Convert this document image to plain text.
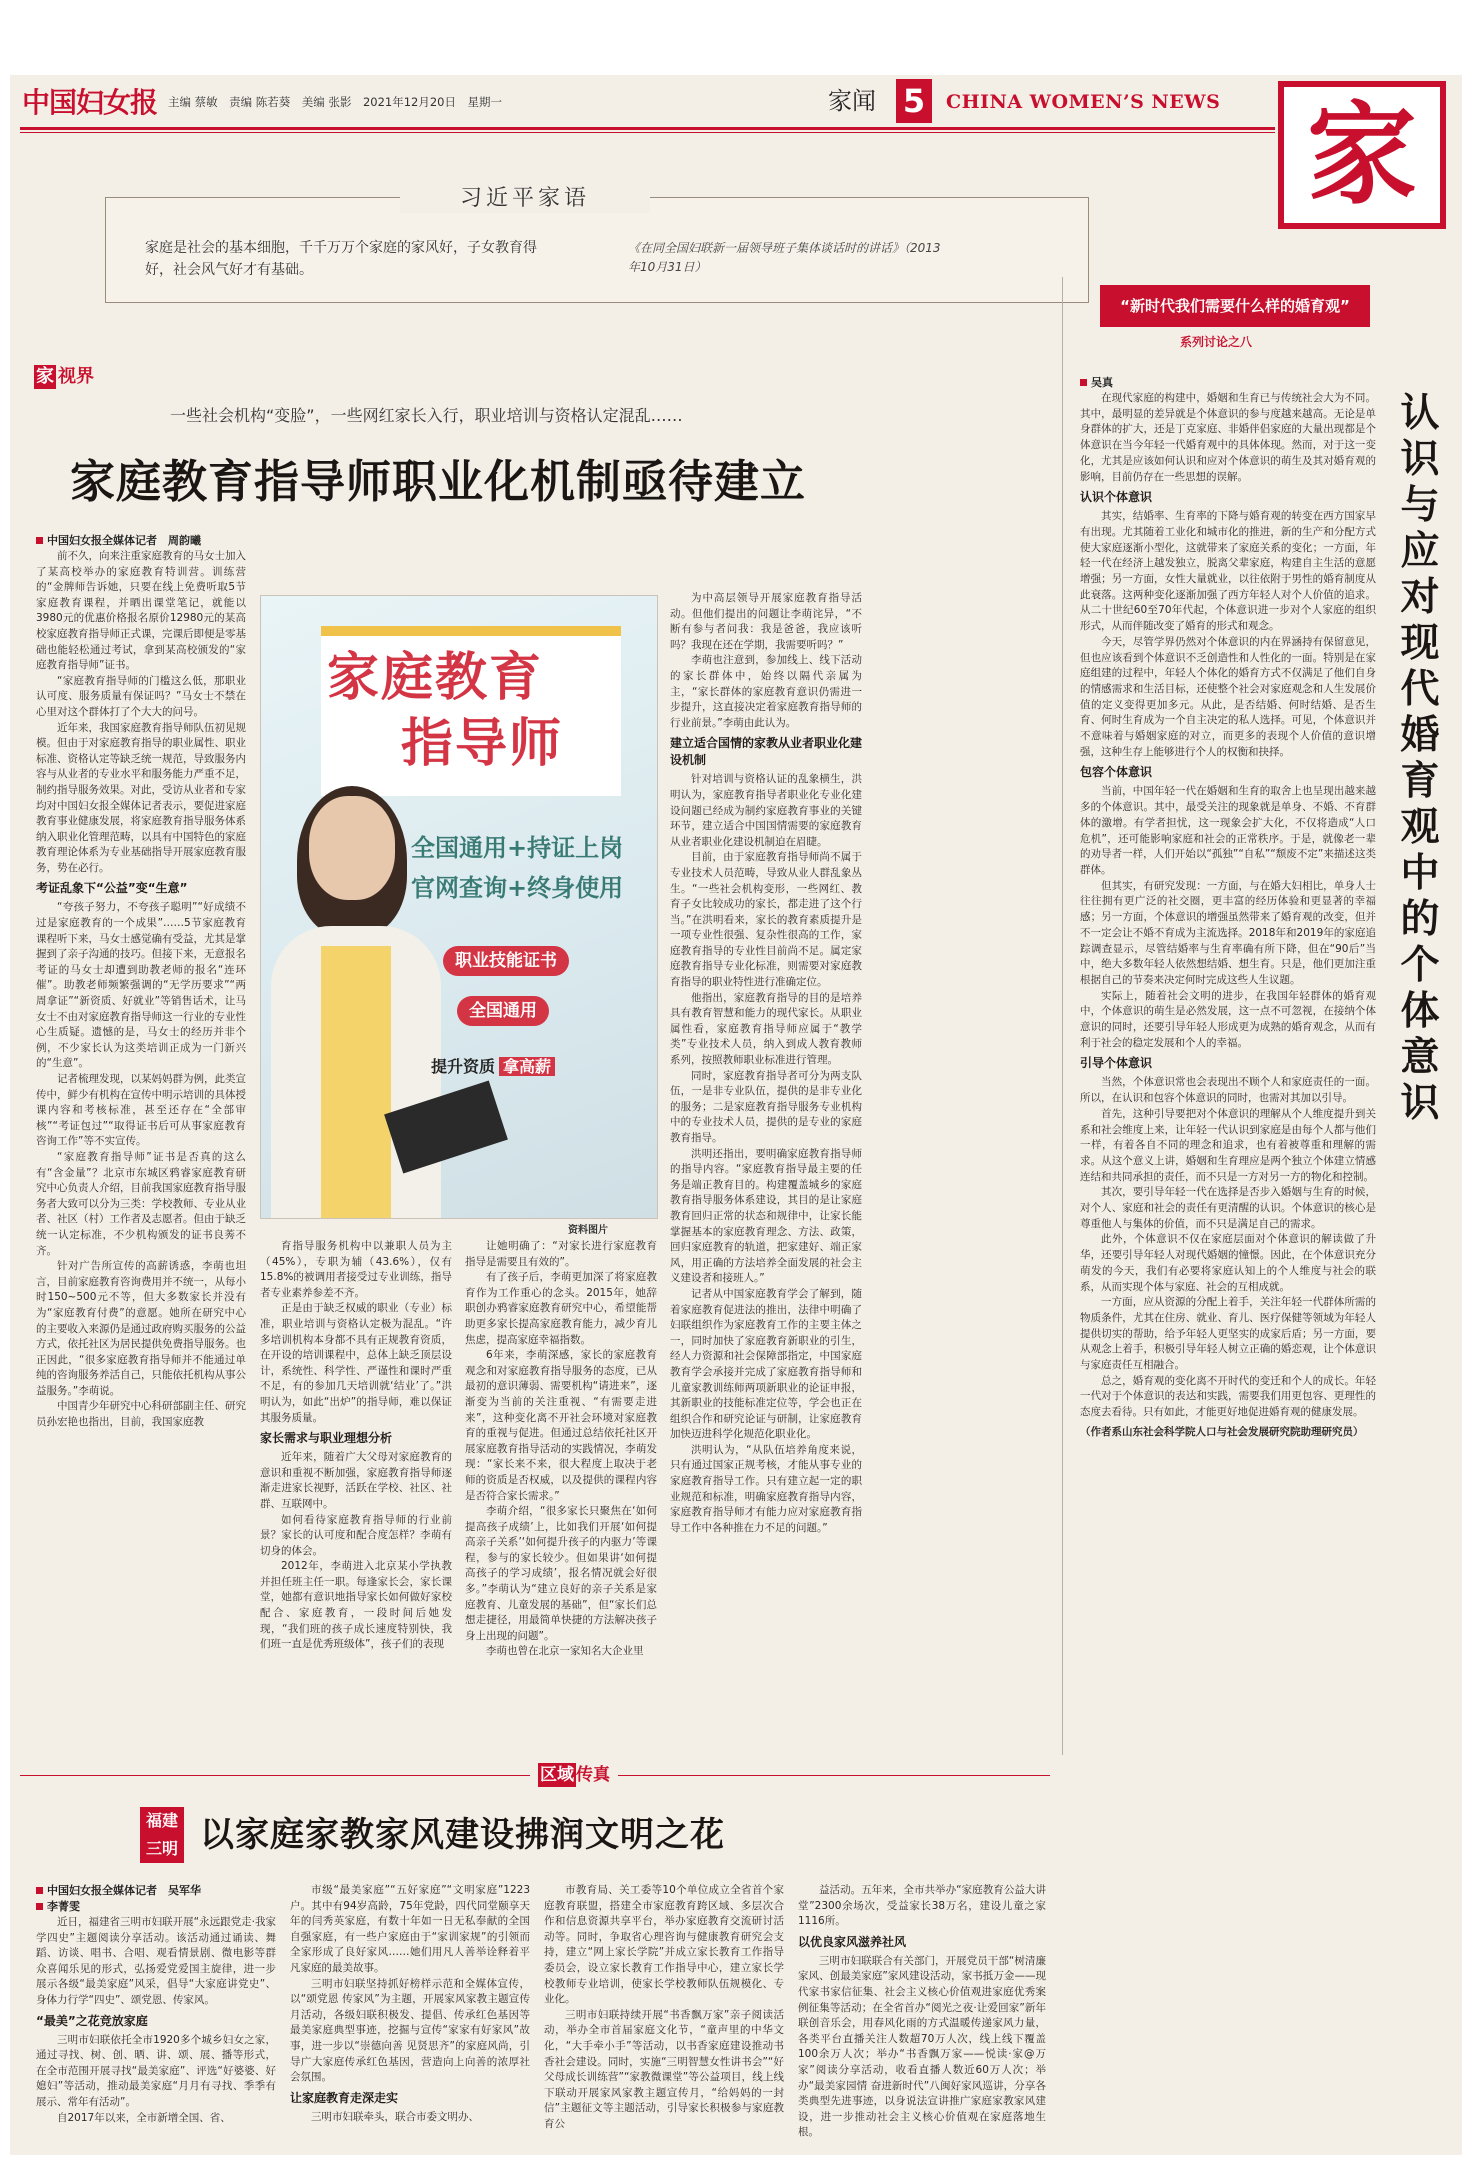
中国妇女报 主编 蔡敏　责编 陈若葵　美编 张影　2021年12月20日　星期一	家闻 5	CHINA WOMEN’S NEWS 家
习近平家语
家庭是社会的基本细胞，千千万万个家庭的家风好，子女教育得好，社会风气好才有基础。
《在同全国妇联新一届领导班子集体谈话时的讲话》（2013年10月31日）
家 视界
一些社会机构“变脸”，一些网红家长入行，职业培训与资格认定混乱……
家庭教育指导师职业化机制亟待建立
中国妇女报全媒体记者　周韵曦

前不久，向来注重家庭教育的马女士加入了某高校举办的家庭教育特训营。训练营的“金牌师告诉她，只要在线上免费听取5节家庭教育课程，并晒出课堂笔记，就能以3980元的优惠价格报名原价12980元的某高校家庭教育指导师正式课，完课后即便是零基础也能轻松通过考试，拿到某高校颁发的“家庭教育指导师”证书。

“家庭教育指导师的门槛这么低，那职业认可度、服务质量有保证吗？”马女士不禁在心里对这个群体打了个大大的问号。

近年来，我国家庭教育指导师队伍初见规模。但由于对家庭教育指导的职业属性、职业标准、资格认定等缺乏统一规范，导致服务内容与从业者的专业水平和服务能力严重不足，制约指导服务效果。对此，受访从业者和专家均对中国妇女报全媒体记者表示，要促进家庭教育事业健康发展，将家庭教育指导服务体系纳入职业化管理范畴，以具有中国特色的家庭教育理论体系为专业基础指导开展家庭教育服务，势在必行。

考证乱象下“公益”变“生意”

“夸孩子努力，不夸孩子聪明”“好成绩不过是家庭教育的一个成果”……5节家庭教育课程听下来，马女士感觉确有受益，尤其是掌握到了亲子沟通的技巧。但接下来，无意报名考证的马女士却遭到助教老师的报名“连环催”。助教老师频繁强调的“无学历要求”“两周拿证”“新资质、好就业”等销售话术，让马女士不由对家庭教育指导师这一行业的专业性心生质疑。遗憾的是，马女士的经历并非个例，不少家长认为这类培训正成为一门新兴的“生意”。

记者梳理发现，以某妈妈群为例，此类宣传中，鲜少有机构在宣传中明示培训的具体授课内容和考核标准，甚至还存在“全部审核”“考证包过”“取得证书后可从事家庭教育咨询工作”等不实宣传。

“家庭教育指导师”证书是否真的这么有“含金量”？北京市东城区鸦睿家庭教育研究中心负责人介绍，目前我国家庭教育指导服务者大致可以分为三类：学校教师、专业从业者、社区（村）工作者及志愿者。但由于缺乏统一认定标准，不少机构颁发的证书良莠不齐。

针对广告所宣传的高薪诱惑，李萌也坦言，目前家庭教育咨询费用并不统一，从每小时150~500元不等，但大多数家长并没有为“家庭教育付费”的意愿。她所在研究中心的主要收入来源仍是通过政府购买服务的公益方式，依托社区为居民提供免费指导服务。也正因此，“很多家庭教育指导师并不能通过单纯的咨询服务养活自己，只能依托机构从事公益服务。”李萌说。

中国青少年研究中心科研部副主任、研究员孙宏艳也指出，目前，我国家庭教

家庭教育
指导师
全国通用+持证上岗
官网查询+终身使用
职业技能证书
全国通用
提升资质 拿高薪
资料图片

育指导服务机构中以兼职人员为主（45%），专职为辅（43.6%），仅有15.8%的被调用者接受过专业训练，指导者专业素养参差不齐。

正是由于缺乏权威的职业（专业）标准，职业培训与资格认定极为混乱。“许多培训机构本身都不具有正规教育资质，在开设的培训课程中，总体上缺乏顶层设计，系统性、科学性、严谨性和课时严重不足，有的参加几天培训就‘结业’了。”洪明认为，如此“出炉”的指导师，难以保证其服务质量。

家长需求与职业理想分析

近年来，随着广大父母对家庭教育的意识和重视不断加强，家庭教育指导师逐渐走进家长视野，活跃在学校、社区、社群、互联网中。

如何看待家庭教育指导师的行业前景？家长的认可度和配合度怎样？李萌有切身的体会。

2012年，李萌进入北京某小学执教并担任班主任一职。每逢家长会，家长课堂，她都有意识地指导家长如何做好家校配合、家庭教育，一段时间后她发现，“我们班的孩子成长速度特别快，我们班一直是优秀班级体”，孩子们的表现

让她明确了：“对家长进行家庭教育指导是需要且有效的”。

有了孩子后，李萌更加深了将家庭教育作为工作重心的念头。2015年，她辞职创办鸦睿家庭教育研究中心，希望能帮助更多家长提高家庭教育能力，减少育儿焦虑，提高家庭幸福指数。

6年来，李萌深感，家长的家庭教育观念和对家庭教育指导服务的态度，已从最初的意识薄弱、需要机构“请进来”，逐渐变为当前的关注重视、“有需要走进来”，这种变化离不开社会环境对家庭教育的重视与促进。但通过总结依托社区开展家庭教育指导活动的实践情况，李萌发现：“家长来不来，很大程度上取决于老师的资质是否权威，以及提供的课程内容是否符合家长需求。”

李萌介绍，“很多家长只聚焦在‘如何提高孩子成绩’上，比如我们开展‘如何提高亲子关系’‘如何提升孩子的内驱力’等课程，参与的家长较少。但如果讲‘如何提高孩子的学习成绩’，报名情况就会好很多。”李萌认为“建立良好的亲子关系是家庭教育、儿童发展的基础”，但“家长们总想走捷径，用最简单快捷的方法解决孩子身上出现的问题”。

李萌也曾在北京一家知名大企业里

为中高层领导开展家庭教育指导活动。但他们提出的问题让李萌诧异，“不断有参与者问我：我是爸爸，我应该听吗？我现在还在学期，我需要听吗？”

李萌也注意到，参加线上、线下活动的家长群体中，始终以隔代亲属为主，“家长群体的家庭教育意识仍需进一步提升，这直接决定着家庭教育指导师的行业前景。”李萌由此认为。

建立适合国情的家教从业者职业化建设机制

针对培训与资格认证的乱象横生，洪明认为，家庭教育指导者职业化专业化建设问题已经成为制约家庭教育事业的关键环节，建立适合中国国情需要的家庭教育从业者职业化建设机制迫在眉睫。

目前，由于家庭教育指导师尚不属于专业技术人员范畴，导致从业人群乱象丛生。“一些社会机构变形，一些网红、教育子女比较成功的家长，都走进了这个行当。”在洪明看来，家长的教育素质提升是一项专业性很强、复杂性很高的工作，家庭教育指导的专业性目前尚不足。属定家庭教育指导专业化标准，则需要对家庭教育指导的职业特性进行准确定位。

他指出，家庭教育指导的目的是培养具有教育智慧和能力的现代家长。从职业属性看，家庭教育指导师应属于“教学类”专业技术人员，纳入到成人教育教师系列，按照教师职业标准进行管理。

同时，家庭教育指导者可分为两支队伍，一是非专业队伍，提供的是非专业化的服务；二是家庭教育指导服务专业机构中的专业技术人员，提供的是专业的家庭教育指导。

洪明还指出，要明确家庭教育指导师的指导内容。“家庭教育指导最主要的任务是端正教育目的。构建覆盖城乡的家庭教育指导服务体系建设，其目的是让家庭教育回归正常的状态和规律中，让家长能掌握基本的家庭教育理念、方法、政策，回归家庭教育的轨道，把家建好、端正家风，用正确的方法培养全面发展的社会主义建设者和接班人。”

记者从中国家庭教育学会了解到，随着家庭教育促进法的推出，法律中明确了妇联组织作为家庭教育工作的主要主体之一，同时加快了家庭教育新职业的引生，经人力资源和社会保障部指定，中国家庭教育学会承接并完成了家庭教育指导师和儿童家教训练师两项新职业的论证申报，其新职业的技能标准定位等，学会也正在组织合作和研究论证与研制，让家庭教育加快迈进科学化规范化职业化。

洪明认为，“从队伍培养角度来说，只有通过国家正规考核，才能从事专业的家庭教育指导工作。只有建立起一定的职业规范和标准，明确家庭教育指导内容，家庭教育指导师才有能力应对家庭教育指导工作中各种推在力不足的问题。”

“新时代我们需要什么样的婚育观”
系列讨论之八
认识与应对现代婚育观中的个体意识
吴真

在现代家庭的构建中，婚姻和生育已与传统社会大为不同。其中，最明显的差异就是个体意识的参与度越来越高。无论是单身群体的扩大，还是丁克家庭、非婚伴侣家庭的大量出现都是个体意识在当今年轻一代婚育观中的具体体现。然而，对于这一变化，尤其是应该如何认识和应对个体意识的萌生及其对婚育观的影响，目前仍存在一些思想的误解。

认识个体意识

其实，结婚率、生育率的下降与婚育观的转变在西方国家早有出现。尤其随着工业化和城市化的推进，新的生产和分配方式使大家庭逐渐小型化，这就带来了家庭关系的变化；一方面，年轻一代在经济上越发独立，脱离父辈家庭，构建自主生活的意愿增强；另一方面，女性大量就业，以往依附于男性的婚育制度从此衰落。这两种变化逐渐加强了西方年轻人对个人价值的追求。从二十世纪60至70年代起，个体意识进一步对个人家庭的组织形式，从而伴随改变了婚育的形式和观念。

今天，尽管学界仍然对个体意识的内在界涵持有保留意见，但也应该看到个体意识不乏创造性和人性化的一面。特别是在家庭组建的过程中，年轻人个体化的婚育方式不仅满足了他们自身的情感需求和生活目标，还使整个社会对家庭观念和人生发展价值的定义变得更加多元。从此，是否结婚、何时结婚、是否生育、何时生育成为一个自主决定的私人选择。可见，个体意识并不意味着与婚姻家庭的对立，而更多的表现个人价值的意识增强，这种生存上能够进行个人的权衡和抉择。

包容个体意识

当前，中国年轻一代在婚姻和生育的取舍上也呈现出越来越多的个体意识。其中，最受关注的现象就是单身、不婚、不育群体的激增。有学者担忧，这一现象会扩大化，不仅将造成“人口危机”，还可能影响家庭和社会的正常秩序。于是，就像老一辈的劝导者一样，人们开始以“孤独”“自私”“颓废不定”来描述这类群体。

但其实，有研究发现：一方面，与在婚大妇相比，单身人士往往拥有更广泛的社交圈，更丰富的经历体验和更显著的幸福感；另一方面，个体意识的增强虽然带来了婚育观的改变，但并不一定会让不婚不育成为主流选择。2018年和2019年的家庭追踪调查显示，尽管结婚率与生育率确有所下降，但在“90后”当中，绝大多数年轻人依然想结婚、想生育。只是，他们更加注重根据自己的节奏来决定何时完成这些人生议题。

实际上，随着社会文明的进步，在我国年轻群体的婚育观中，个体意识的萌生是必然发展，这一点不可忽视，在接纳个体意识的同时，还要引导年轻人形成更为成熟的婚育观念，从而有利于社会的稳定发展和个人的幸福。

引导个体意识

当然，个体意识常也会表现出不顾个人和家庭责任的一面。所以，在认识和包容个体意识的同时，也需对其加以引导。

首先，这种引导要把对个体意识的理解从个人维度提升到关系和社会维度上来，让年轻一代认识到家庭是由每个人都与他们一样，有着各自不同的理念和追求，也有着被尊重和理解的需求。从这个意义上讲，婚姻和生育理应是两个独立个体建立情感连结和共同承担的责任，而不只是一方对另一方的物化和控制。

其次，要引导年轻一代在选择是否步入婚姻与生育的时候，对个人、家庭和社会的责任有更清醒的认识。个体意识的核心是尊重他人与集体的价值，而不只是满足自己的需求。

此外，个体意识不仅在家庭层面对个体意识的解读做了升华，还要引导年轻人对现代婚姻的憧憬。因此，在个体意识充分萌发的今天，我们有必要将家庭认知上的个人维度与社会的联系，从而实现个体与家庭、社会的互相成就。

一方面，应从资源的分配上着手，关注年轻一代群体所需的物质条件，尤其在住房、就业、育儿、医疗保健等领域为年轻人提供切实的帮助，给予年轻人更坚实的成家后盾；另一方面，要从观念上着手，积极引导年轻人树立正确的婚恋观，让个体意识与家庭责任互相融合。

总之，婚育观的变化离不开时代的变迁和个人的成长。年轻一代对于个体意识的表达和实践，需要我们用更包容、更理性的态度去看待。只有如此，才能更好地促进婚育观的健康发展。

（作者系山东社会科学院人口与社会发展研究院助理研究员）
区域 传真
福建
三明 以家庭家教家风建设拂润文明之花
中国妇女报全媒体记者　吴军华
李菁雯

近日，福建省三明市妇联开展“永远跟党走·我家学四史”主题阅读分享活动。该活动通过诵读、舞蹈、访谈、唱书、合唱、观看情景剧、微电影等群众喜闻乐见的形式，弘扬爱党爱国主旋律，进一步展示各级“最美家庭”风采，倡导“大家庭讲党史”、身体力行学“四史”、颂党恩、传家风。

“最美”之花竞放家庭

三明市妇联依托全市1920多个城乡妇女之家，通过寻找、树、创、晒、讲、颂、展、播等形式，在全市范围开展寻找“最美家庭”、评选“好婆婆、好媳妇”等活动，推动最美家庭“月月有寻找、季季有展示、常年有活动”。

自2017年以来，全市新增全国、省、

市级“最美家庭”“五好家庭”“文明家庭”1223户。其中有94岁高龄，75年党龄，四代同堂颐享天年的闫秀英家庭，有数十年如一日无私奉献的全国自强家庭，有一些户家庭由于“家训家规”的引领而全家形成了良好家风……她们用凡人善举诠释着平凡家庭的最美故事。

三明市妇联坚持抓好榜样示范和全媒体宣传，以“颂党恩 传家风”为主题，开展家风家教主题宣传月活动，各级妇联积极发、提倡、传承红色基因等最美家庭典型事迹，挖掘与宣传“家家有好家风”故事，进一步以“崇德向善 见贤思齐”的家庭风尚，引导广大家庭传承红色基因，营造向上向善的浓厚社会氛围。

让家庭教育走深走实

三明市妇联牵头，联合市委文明办、

市教育局、关工委等10个单位成立全省首个家庭教育联盟，搭建全市家庭教育跨区域、多层次合作和信息资源共享平台，举办家庭教育交流研讨活动等。同时，争取省心理咨询与健康教育研究会支持，建立“网上家长学院”并成立家长教育工作指导委员会，设立家长教育工作指导中心，建立家长学校教师专业培训，使家长学校教师队伍规模化、专业化。

三明市妇联持续开展“书香飘万家”亲子阅读活动，举办全市首届家庭文化节，“童声里的中华文化，“大手牵小手”等活动，以书香家庭建设推动书香社会建设。同时，实施“三明智慧女性讲书会”“好父母成长训练营”“家教微课堂”等公益项目，线上线下联动开展家风家教主题宣传月，“给妈妈的一封信”主题征文等主题活动，引导家长积极参与家庭教育公

益活动。五年来，全市共举办“家庭教育公益大讲堂”2300余场次，受益家长38万名，建设儿童之家1116所。

以优良家风滋养社风

三明市妇联联合有关部门，开展党员干部“树清廉家风、创最美家庭”家风建设活动，家书抵万金——现代家书家信征集、社会主义核心价值观进家庭优秀案例征集等活动；在全省首办“阅光之夜·让爱回家”新年联创音乐会，用春风化雨的方式温暖传递家风力量，各类平台直播关注人数超70万人次，线上线下覆盖100余万人次；举办“书香飘万家——悦读·家@万家”阅读分享活动，收看直播人数近60万人次；举办“最美家园情 奋进新时代”八闽好家风巡讲，分享各类典型先进事迹，以身说法宣讲推广家庭家教家风建设，进一步推动社会主义核心价值观在家庭落地生根。
